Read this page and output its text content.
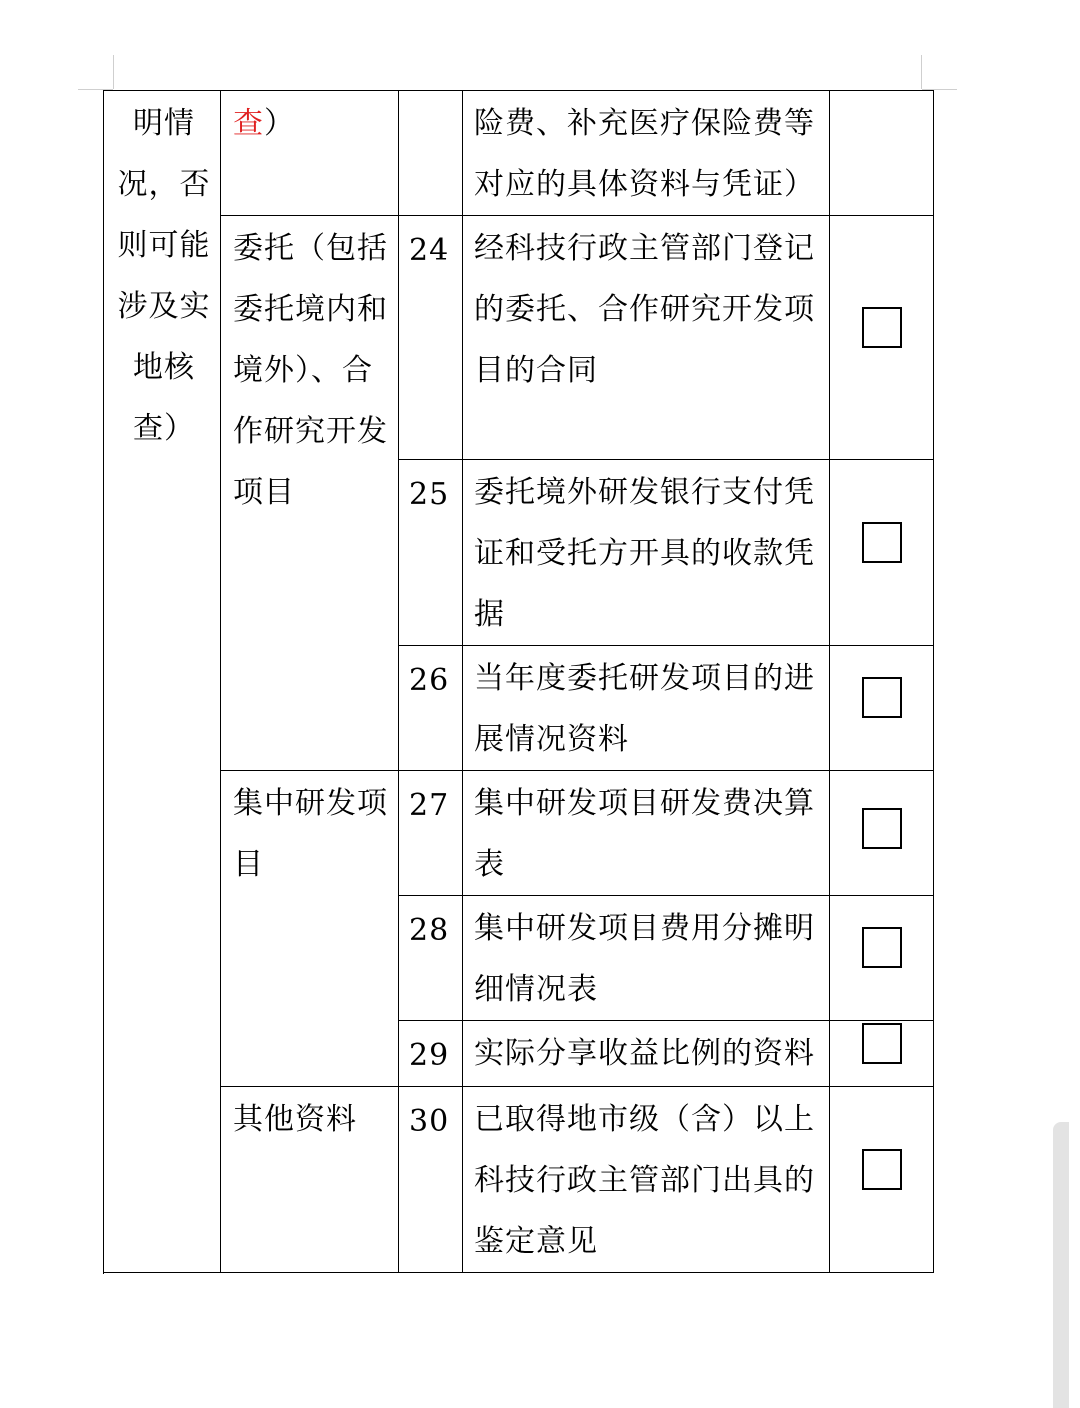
明情况，否则可能涉及实地核查）	查）		险费、补充医疗保险费等对应的具体资料与凭证）	
	委托（包括委托境内和境外）、合作研究开发项目	24	经科技行政主管部门登记的委托、合作研究开发项目的合同	
		25	委托境外研发银行支付凭证和受托方开具的收款凭据	
		26	当年度委托研发项目的进展情况资料	
	集中研发项目	27	集中研发项目研发费决算表	
		28	集中研发项目费用分摊明细情况表	
		29	实际分享收益比例的资料	
	其他资料	30	已取得地市级（含）以上科技行政主管部门出具的鉴定意见	
